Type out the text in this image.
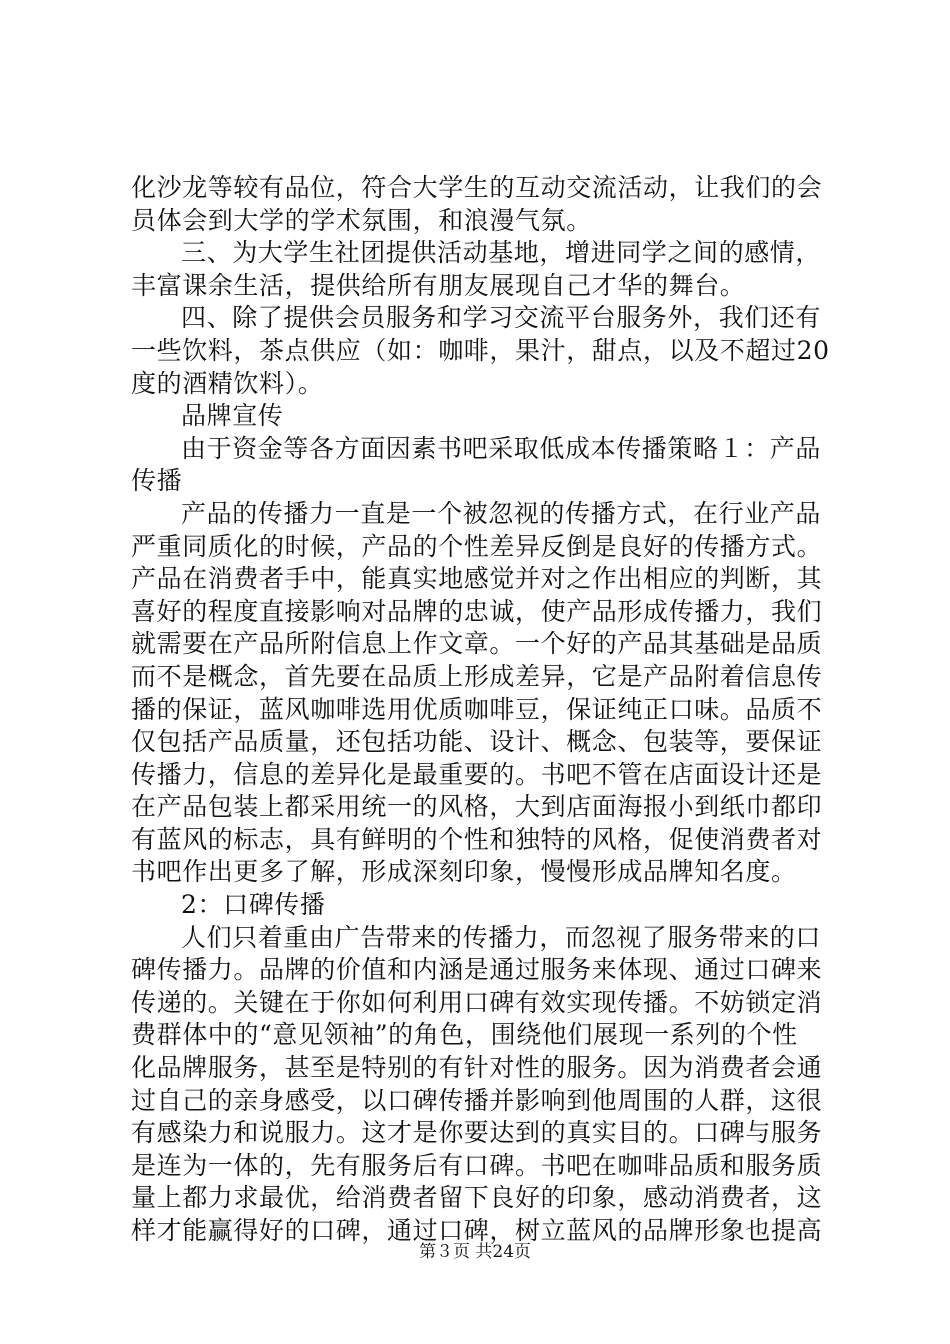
化沙龙等较有品位，符合大学生的互动交流活动，让我们的会
员体会到大学的学术氛围，和浪漫气氛。
三、为大学生社团提供活动基地，增进同学之间的感情，
丰富课余生活，提供给所有朋友展现自己才华的舞台。
四、除了提供会员服务和学习交流平台服务外，我们还有
一些饮料，茶点供应（如：咖啡，果汁，甜点，以及不超过20
度的酒精饮料）。
品牌宣传
由于资金等各方面因素书吧采取低成本传播策略１：产品
传播
产品的传播力一直是一个被忽视的传播方式，在行业产品
严重同质化的时候，产品的个性差异反倒是良好的传播方式。
产品在消费者手中，能真实地感觉并对之作出相应的判断，其
喜好的程度直接影响对品牌的忠诚，使产品形成传播力，我们
就需要在产品所附信息上作文章。一个好的产品其基础是品质
而不是概念，首先要在品质上形成差异，它是产品附着信息传
播的保证，蓝风咖啡选用优质咖啡豆，保证纯正口味。品质不
仅包括产品质量，还包括功能、设计、概念、包装等，要保证
传播力，信息的差异化是最重要的。书吧不管在店面设计还是
在产品包装上都采用统一的风格，大到店面海报小到纸巾都印
有蓝风的标志，具有鲜明的个性和独特的风格，促使消费者对
书吧作出更多了解，形成深刻印象，慢慢形成品牌知名度。
2：口碑传播
人们只着重由广告带来的传播力，而忽视了服务带来的口
碑传播力。品牌的价值和内涵是通过服务来体现、通过口碑来
传递的。关键在于你如何利用口碑有效实现传播。不妨锁定消
费群体中的“意见领袖”的角色，围绕他们展现一系列的个性
化品牌服务，甚至是特别的有针对性的服务。因为消费者会通
过自己的亲身感受，以口碑传播并影响到他周围的人群，这很
有感染力和说服力。这才是你要达到的真实目的。口碑与服务
是连为一体的，先有服务后有口碑。书吧在咖啡品质和服务质
量上都力求最优，给消费者留下良好的印象，感动消费者，这
样才能赢得好的口碑，通过口碑，树立蓝风的品牌形象也提高
第３页 共24页
